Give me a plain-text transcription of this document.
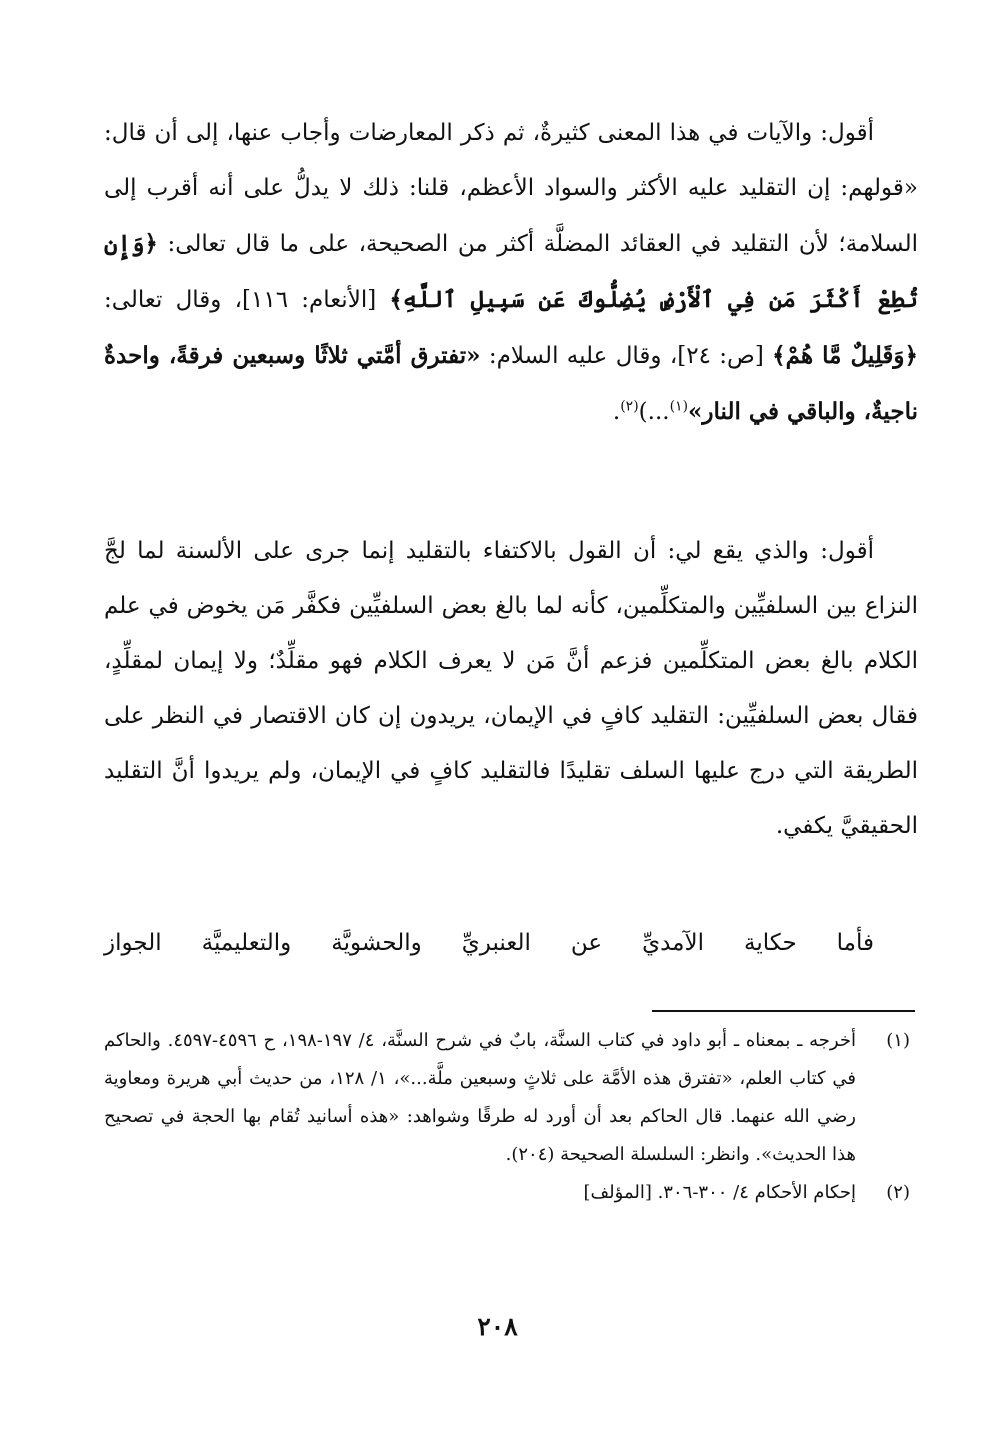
أقول: والآيات في هذا المعنى كثيرةٌ، ثم ذكر المعارضات وأجاب عنها، إلى أن قال: «قولهم: إن التقليد عليه الأكثر والسواد الأعظم، قلنا: ذلك لا يدلُّ على أنه أقرب إلى السلامة؛ لأن التقليد في العقائد المضلَّة أكثر من الصحيحة، على ما قال تعالى: ﴿وَإِن تُطِعْ أَكْثَرَ مَن فِي ٱلْأَرْضِ يُضِلُّوكَ عَن سَبِيلِ ٱللَّهِ﴾ [الأنعام: ١١٦]، وقال تعالى: ﴿وَقَلِيلٌ مَّا هُمْ﴾ [ص: ٢٤]، وقال عليه السلام: «تفترق أمَّتي ثلاثًا وسبعين فرقةً، واحدةٌ ناجيةٌ، والباقي في النار»$^{(١)}$...)$^{(٢)}$.
أقول: والذي يقع لي: أن القول بالاكتفاء بالتقليد إنما جرى على الألسنة لما لجَّ النزاع بين السلفيِّين والمتكلِّمين، كأنه لما بالغ بعض السلفيِّين فكفَّر مَن يخوض في علم الكلام بالغ بعض المتكلِّمين فزعم أنَّ مَن لا يعرف الكلام فهو مقلِّدٌ؛ ولا إيمان لمقلِّدٍ، فقال بعض السلفيِّين: التقليد كافٍ في الإيمان، يريدون إن كان الاقتصار في النظر على الطريقة التي درج عليها السلف تقليدًا فالتقليد كافٍ في الإيمان، ولم يريدوا أنَّ التقليد الحقيقيَّ يكفي.
فأما حكاية الآمديِّ عن العنبريِّ والحشويَّة والتعليميَّة الجواز
(١)
أخرجه ـ بمعناه ـ أبو داود في كتاب السنَّة، بابٌ في شرح السنَّة، ٤/ ١٩٧-١٩٨، ح ٤٥٩٦-٤٥٩٧. والحاكم في كتاب العلم، «تفترق هذه الأمَّة على ثلاثٍ وسبعين ملَّة...»، ١/ ١٢٨، من حديث أبي هريرة ومعاوية رضي الله عنهما. قال الحاكم بعد أن أورد له طرقًا وشواهد: «هذه أسانيد تُقام بها الحجة في تصحيح هذا الحديث». وانظر: السلسلة الصحيحة (٢٠٤).
(٢)
إحكام الأحكام ٤/ ٣٠٠-٣٠٦. [المؤلف]
٢٠٨
